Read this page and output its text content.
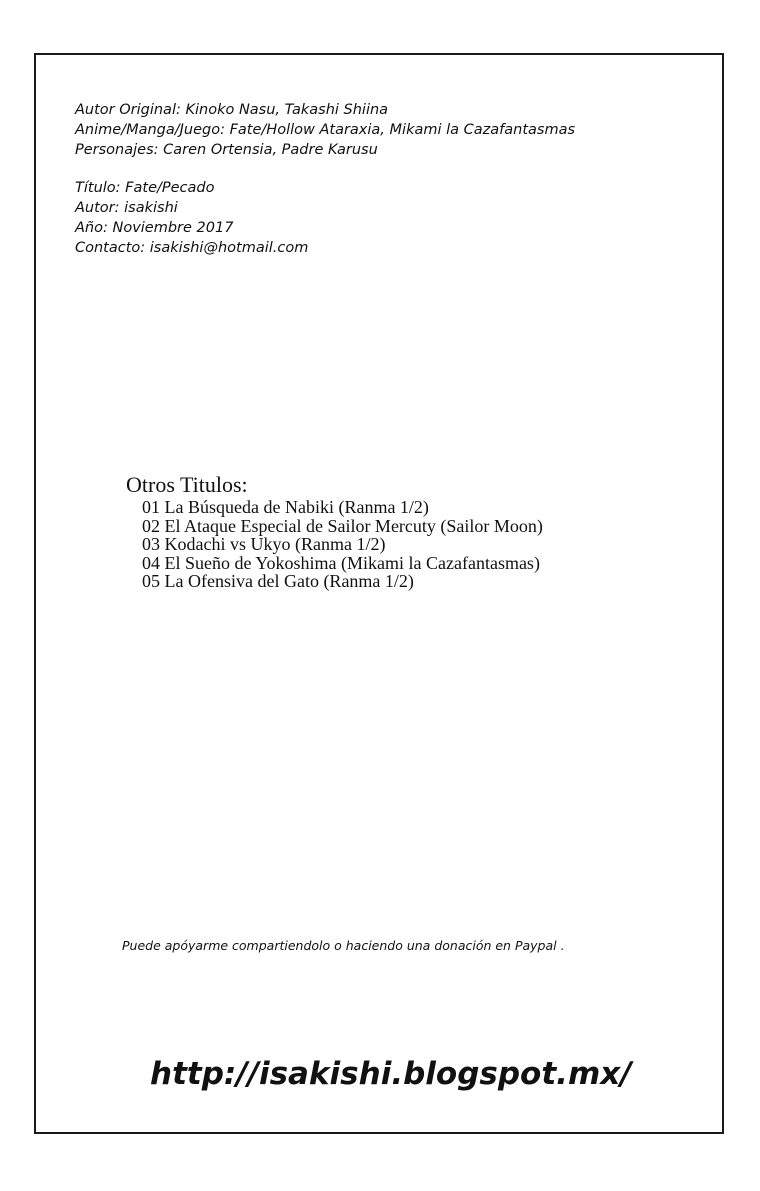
Autor Original: Kinoko Nasu, Takashi Shiina
Anime/Manga/Juego: Fate/Hollow Ataraxia, Mikami la Cazafantasmas
Personajes: Caren Ortensia, Padre Karusu
Título: Fate/Pecado
Autor: isakishi
Año: Noviembre 2017
Contacto: isakishi@hotmail.com
Otros Titulos:
01 La Búsqueda de Nabiki (Ranma 1/2)
02 El Ataque Especial de Sailor Mercuty (Sailor Moon)
03 Kodachi vs Ukyo (Ranma 1/2)
04 El Sueño de Yokoshima (Mikami la Cazafantasmas)
05 La Ofensiva del Gato (Ranma 1/2)
Puede apóyarme compartiendolo o haciendo una donación en Paypal .
http://isakishi.blogspot.mx/
